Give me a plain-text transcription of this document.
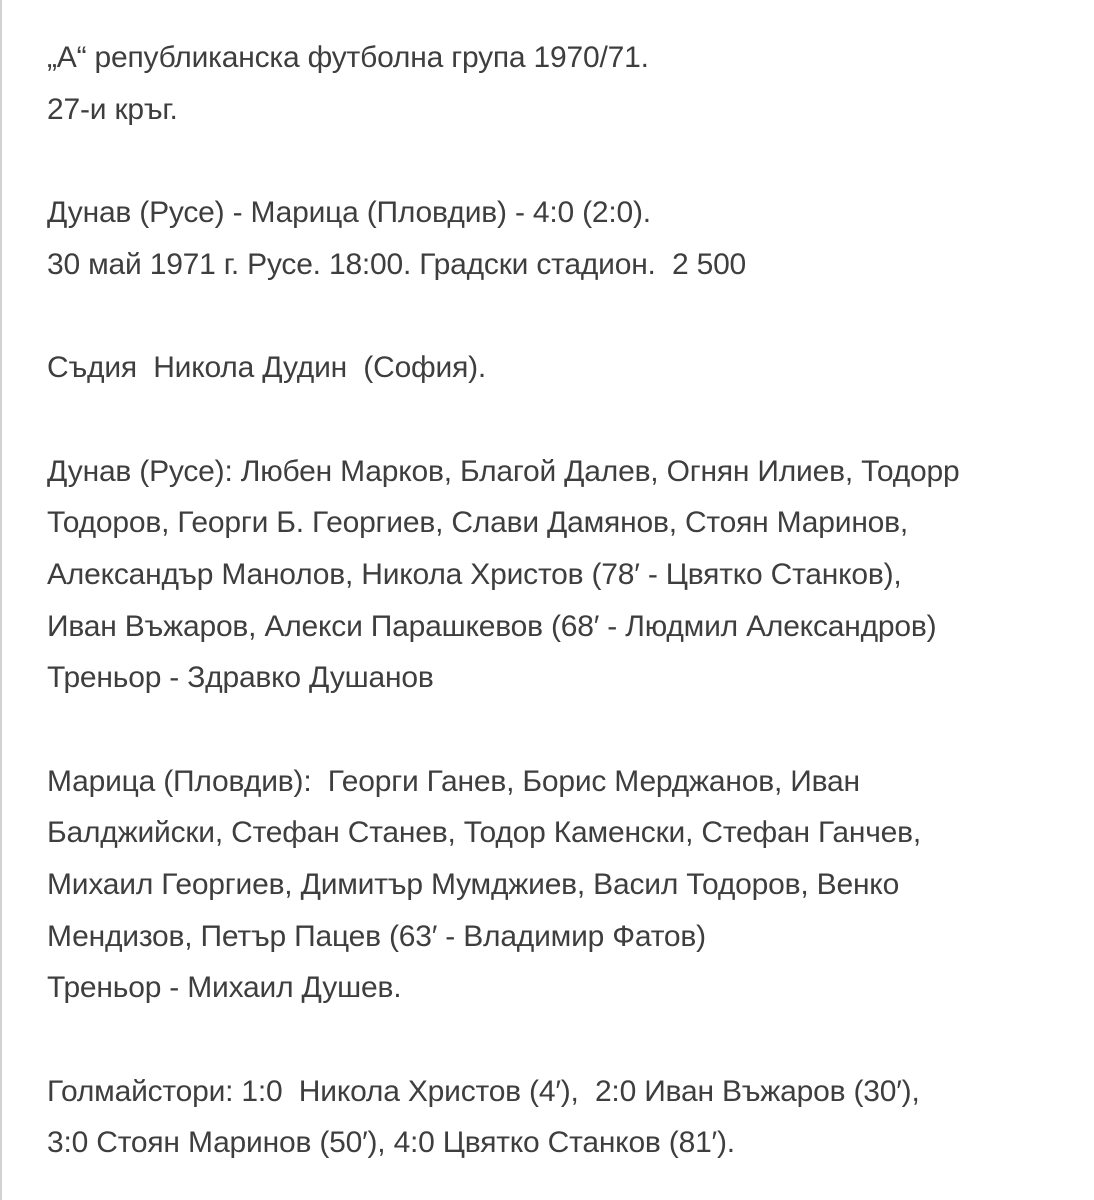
„А“ републиканска футболна група 1970/71.
27-и кръг.
Дунав (Русе) - Марица (Пловдив) - 4:0 (2:0).
30 май 1971 г. Русе. 18:00. Градски стадион.  2 500
Съдия  Никола Дудин  (София).
Дунав (Русе): Любен Марков, Благой Далев, Огнян Илиев, Тодорр
Тодоров, Георги Б. Георгиев, Слави Дамянов, Стоян Маринов,
Александър Манолов, Никола Христов (78′ - Цвятко Станков),
Иван Въжаров, Алекси Парашкевов (68′ - Людмил Александров)
Треньор - Здравко Душанов
Марица (Пловдив):  Георги Ганев, Борис Мерджанов, Иван
Балджийски, Стефан Станев, Тодор Каменски, Стефан Ганчев,
Михаил Георгиев, Димитър Мумджиев, Васил Тодоров, Венко
Мендизов, Петър Пацев (63′ - Владимир Фатов)
Треньор - Михаил Душев.
Голмайстори: 1:0  Никола Христов (4′),  2:0 Иван Въжаров (30′),
3:0 Стоян Маринов (50′), 4:0 Цвятко Станков (81′).
